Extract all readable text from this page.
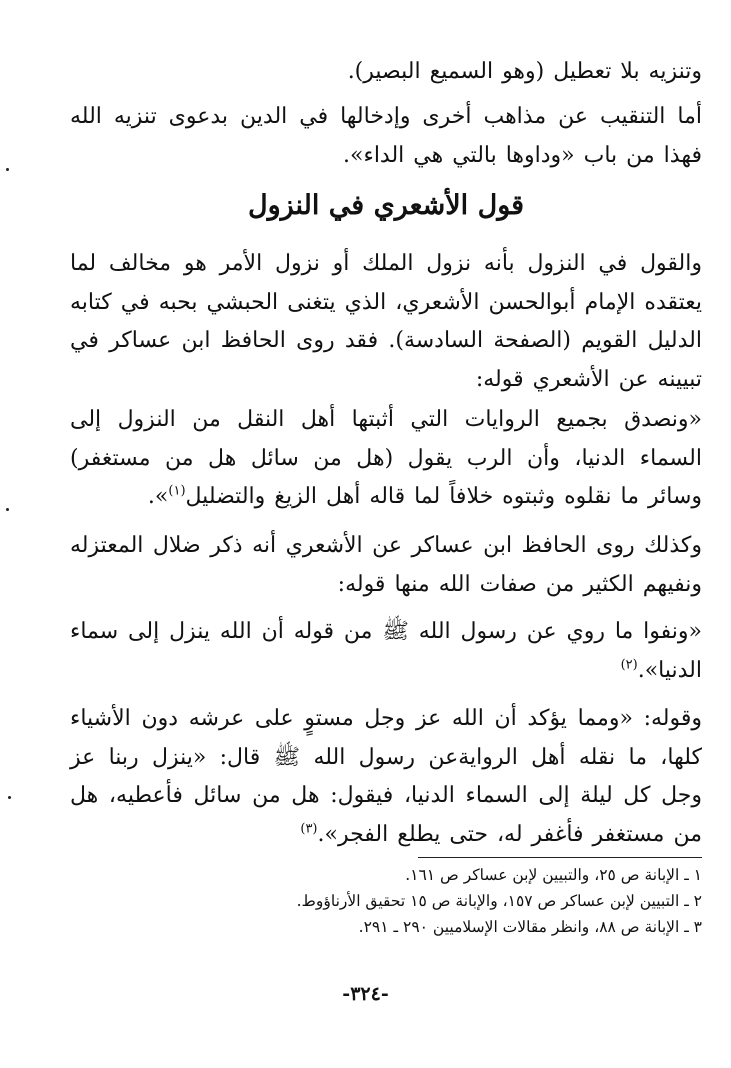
وتنزيه بلا تعطيل (وهو السميع البصير).
أما التنقيب عن مذاهب أخرى وإدخالها في الدين بدعوى تنزيه الله فهذا من باب «وداوها بالتي هي الداء».
قول الأشعري في النزول
والقول في النزول بأنه نزول الملك أو نزول الأمر هو مخالف لما يعتقده الإمام أبوالحسن الأشعري، الذي يتغنى الحبشي بحبه في كتابه الدليل القويم (الصفحة السادسة). فقد روى الحافظ ابن عساكر في تبيينه عن الأشعري قوله:
«ونصدق بجميع الروايات التي أثبتها أهل النقل من النزول إلى السماء الدنيا، وأن الرب يقول (هل من سائل هل من مستغفر) وسائر ما نقلوه وثبتوه خلافاً لما قاله أهل الزيغ والتضليل$^{(١)}$».
وكذلك روى الحافظ ابن عساكر عن الأشعري أنه ذكر ضلال المعتزله ونفيهم الكثير من صفات الله منها قوله:
«ونفوا ما روي عن رسول الله ﷺ من قوله أن الله ينزل إلى سماء الدنيا».$^{(٢)}$
وقوله: «ومما يؤكد أن الله عز وجل مستوٍ على عرشه دون الأشياء كلها، ما نقله أهل الروايةعن رسول الله ﷺ قال: «ينزل ربنا عز وجل كل ليلة إلى السماء الدنيا، فيقول: هل من سائل فأعطيه، هل من مستغفر فأغفر له، حتى يطلع الفجر».$^{(٣)}$
١ ـ الإبانة ص ٢٥، والتبيين لإبن عساكر ص ١٦١.
٢ ـ التبيين لإبن عساكر ص ١٥٧، والإبانة ص ١٥ تحقيق الأرناؤوط.
٣ ـ الإبانة ص ٨٨، وانظر مقالات الإسلاميين ٢٩٠ ـ ٢٩١.
-٣٢٤-
